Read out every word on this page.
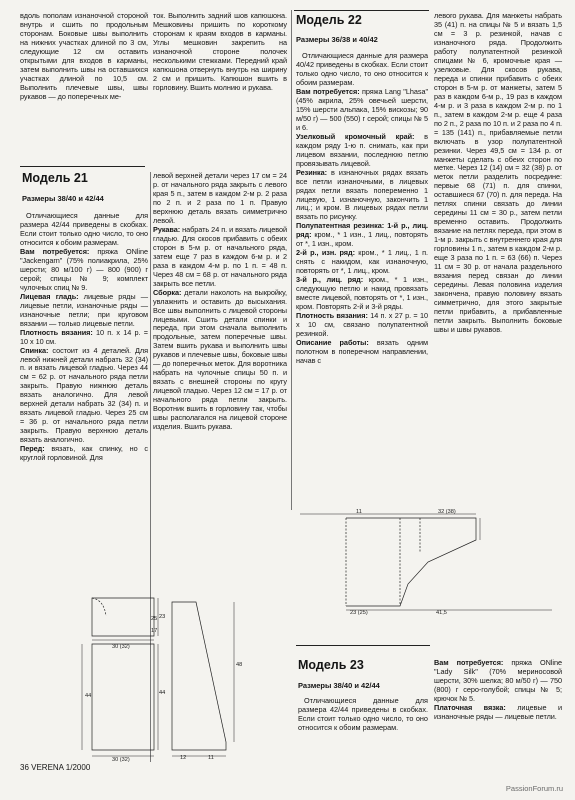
вдоль пополам изнаночной стороной внутрь и сшить по продольным сторонам. Боковые швы выполнить на нижних участках длиной по 3 см, следующие 12 см оставить открытыми для входов в карманы, затем выполнить швы на оставшихся участках длиной по 10,5 см. Выполнить плечевые швы, швы рукавов — до поперечных ме-

ток. Выполнить задний шов капюшона. Мешковины пришить по короткому сторонам к краям входов в карманы. Углы мешковин закрепить на изнаночной стороне полочек несколькими стежками. Передний край капюшона отвернуть внутрь на ширину 2 см и пришить. Капюшон вшить в горловину. Вшить молнию и рукава.

Модель 21
Размеры 38/40 и 42/44

Отличающиеся данные для размера 42/44 приведены в скобках. Если стоит только одно число, то оно относится к обоим размерам.

Вам потребуется: пряжа ONline "Jackengarn" (75% полиакрила, 25% шерсти; 80 м/100 г) — 800 (900) г серой; спицы № 9; комплект чулочных спиц № 9.

Лицевая гладь: лицевые ряды — лицевые петли, изнаночные ряды — изнаночные петли; при круговом вязании — только лицевые петли.

Плотность вязания: 10 п. х 14 р. = 10 х 10 см.

Спинка: состоит из 4 деталей. Для левой нижней детали набрать 32 (34) п. и вязать лицевой гладью. Через 44 см = 62 р. от начального ряда петли закрыть. Правую нижнюю деталь вязать аналогично. Для левой верхней детали набрать 32 (34) п. и вязать лицевой гладью. Через 25 см = 36 р. от начального ряда петли закрыть. Правую верхнюю деталь вязать аналогично.

Перед: вязать, как спинку, но с круглой горловиной. Для

левой верхней детали через 17 см = 24 р. от начального ряда закрыть с левого края 5 п., затем в каждом 2-м р. 2 раза по 2 п. и 2 раза по 1 п. Правую верхнюю деталь вязать симметрично левой.

Рукава: набрать 24 п. и вязать лицевой гладью. Для скосов прибавить с обеих сторон в 5-м р. от начального ряда, затем еще 7 раз в каждом 6-м р. и 2 раза в каждом 4-м р. по 1 п. = 48 п. Через 48 см = 68 р. от начального ряда закрыть все петли.

Сборка: детали наколоть на выкройку, увлажнить и оставить до высыхания. Все швы выполнить с лицевой стороны лицевыми. Сшить детали спинки и переда, при этом сначала выполнить продольные, затем поперечные швы. Затем вшить рукава и выполнить швы рукавов и плечевые швы, боковые швы — до поперечных меток. Для воротника набрать на чулочные спицы 50 п. и вязать с внешней стороны по кругу лицевой гладью. Через 12 см = 17 р. от начального ряда петли закрыть. Воротник вшить в горловину так, чтобы швы располагался на лицевой стороне изделия. Вшить рукава.

25
17
30 (32)
44
30 (32)
23
44
48
12	11
Модель 22
Размеры 36/38 и 40/42

Отличающиеся данные для размера 40/42 приведены в скобках. Если стоит только одно число, то оно относится к обоим размерам.

Вам потребуется: пряжа Lang "Lhasa" (45% акрила, 25% овечьей шерсти, 15% шерсти альпака, 15% вискозы; 90 м/50 г) — 500 (550) г серой; спицы № 5 и 6.

Узелковый кромочный край: в каждом ряду 1-ю п. снимать, как при лицевом вязании, последнюю петлю провязывать лицевой.

Резинка: в изнаночных рядах вязать все петли изнаночными, в лицевых рядах петли вязать попеременно 1 лицевую, 1 изнаночную, закончить 1 лиц.; и кром. В лицевых рядах петли вязать по рисунку.

Полупатентная резинка: 1-й р., лиц. ряд: кром., * 1 изн., 1 лиц., повторять от *, 1 изн., кром.

2-й р., изн. ряд: кром., * 1 лиц., 1 п. снять с накидом, как изнаночную, повторять от *, 1 лиц., кром.

3-й р., лиц. ряд: кром., * 1 изн., следующую петлю и накид провязать вместе лицевой, повторять от *, 1 изн., кром. Повторять 2-й и 3-й ряды.

Плотность вязания: 14 п. х 27 р. = 10 х 10 см, связано полупатентной резинкой.

Описание работы: вязать одним полотном в поперечном направлении, начав с

левого рукава. Для манжеты набрать 35 (41) п. на спицы № 5 и вязать 1,5 см = 3 р. резинкой, начав с изнаночного ряда. Продолжить работу полупатентной резинкой спицами № 6, кромочные края — узелковые. Для скосов рукава, переда и спинки прибавить с обеих сторон в 5-м р. от манжеты, затем 5 раз в каждом 6-м р., 19 раз в каждом 4-м р. и 3 раза в каждом 2-м р. по 1 п., затем в каждом 2-м р. еще 4 раза по 2 п., 2 раза по 10 п. и 2 раза по 4 п. = 135 (141) п., прибавляемые петли включать в узор полупатентной резинки. Через 49,5 см = 134 р. от манжеты сделать с обеих сторон по метке. Через 12 (14) см = 32 (38) р. от меток петли разделить посредине: первые 68 (71) п. для спинки, оставшиеся 67 (70) п. для переда. На петлях спинки связать до линии середины 11 см = 30 р., затем петли временно оставить. Продолжить вязание на петлях переда, при этом в 1-м р. закрыть с внутреннего края для горловины 1 п., затем в каждом 2-м р. еще 3 раза по 1 п. = 63 (66) п. Через 11 см = 30 р. от начала раздельного вязания перед связан до линии середины. Левая половина изделия закончена, правую половину вязать симметрично, для этого закрытые петли прибавить, а прибавленные петли закрыть. Выполнить боковые швы и швы рукавов.

11	32 (38)
23 (25)	41,5
Модель 23
Размеры 38/40 и 42/44
Отличающиеся данные для размера 42/44 приведены в скобках. Если стоит только одно число, то оно относится к обоим размерам.

Вам потребуется: пряжа ONline "Lady Silk" (70% мериносовой шерсти, 30% шелка; 80 м/50 г) — 750 (800) г серо-голубой; спицы № 5; крючок № 5.

Платочная вязка: лицевые и изнаночные ряды — лицевые петли.

36 VERENA 1/2000
PassionForum.ru
